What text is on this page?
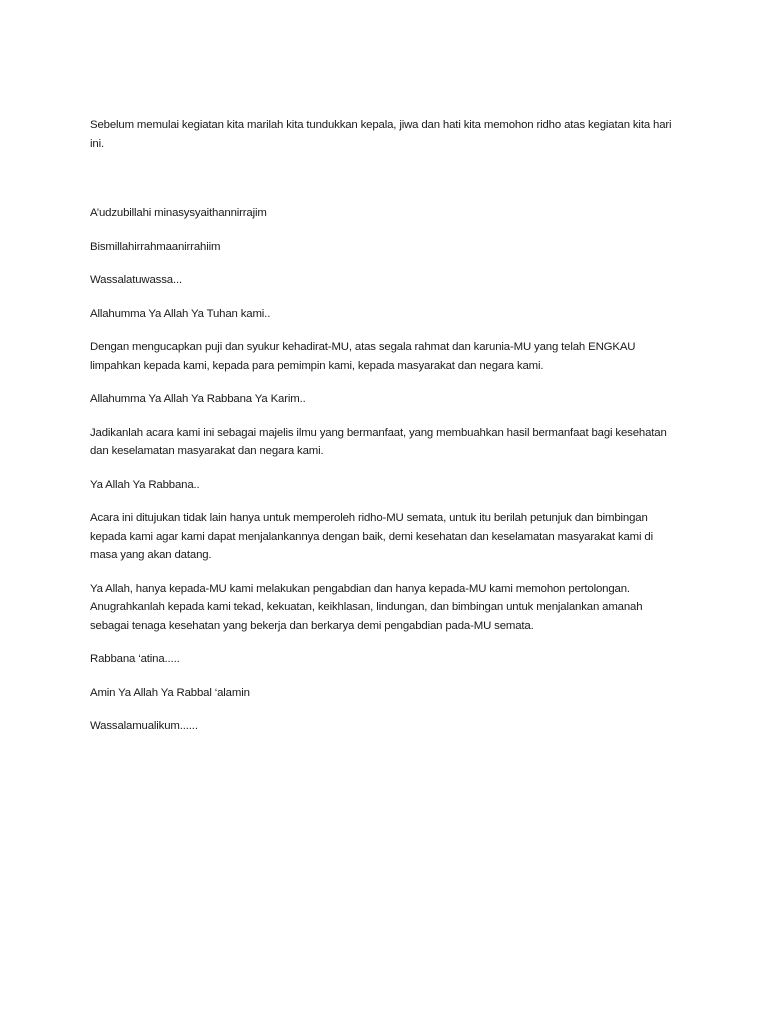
Sebelum memulai kegiatan kita marilah kita tundukkan kepala, jiwa dan hati kita memohon ridho atas kegiatan kita hari ini.

A’udzubillahi minasysyaithannirrajim

Bismillahirrahmaanirrahiim

Wassalatuwassa...

Allahumma Ya Allah Ya Tuhan kami..

Dengan mengucapkan puji dan syukur kehadirat-MU, atas segala rahmat dan karunia-MU yang telah ENGKAU limpahkan kepada kami, kepada para pemimpin kami, kepada masyarakat dan negara kami.

Allahumma Ya Allah Ya Rabbana Ya Karim..

Jadikanlah acara kami ini sebagai majelis ilmu yang bermanfaat, yang membuahkan hasil bermanfaat bagi kesehatan dan keselamatan masyarakat dan negara kami.

Ya Allah Ya Rabbana..

Acara ini ditujukan tidak lain hanya untuk memperoleh ridho-MU semata, untuk itu berilah petunjuk dan bimbingan kepada kami agar kami dapat menjalankannya dengan baik, demi kesehatan dan keselamatan masyarakat kami di masa yang akan datang.

Ya Allah, hanya kepada-MU kami melakukan pengabdian dan hanya kepada-MU kami memohon pertolongan. Anugrahkanlah kepada kami tekad, kekuatan, keikhlasan, lindungan, dan bimbingan untuk menjalankan amanah sebagai tenaga kesehatan yang bekerja dan berkarya demi pengabdian pada-MU semata.

Rabbana ‘atina.....

Amin Ya Allah Ya Rabbal ‘alamin

Wassalamualikum......
